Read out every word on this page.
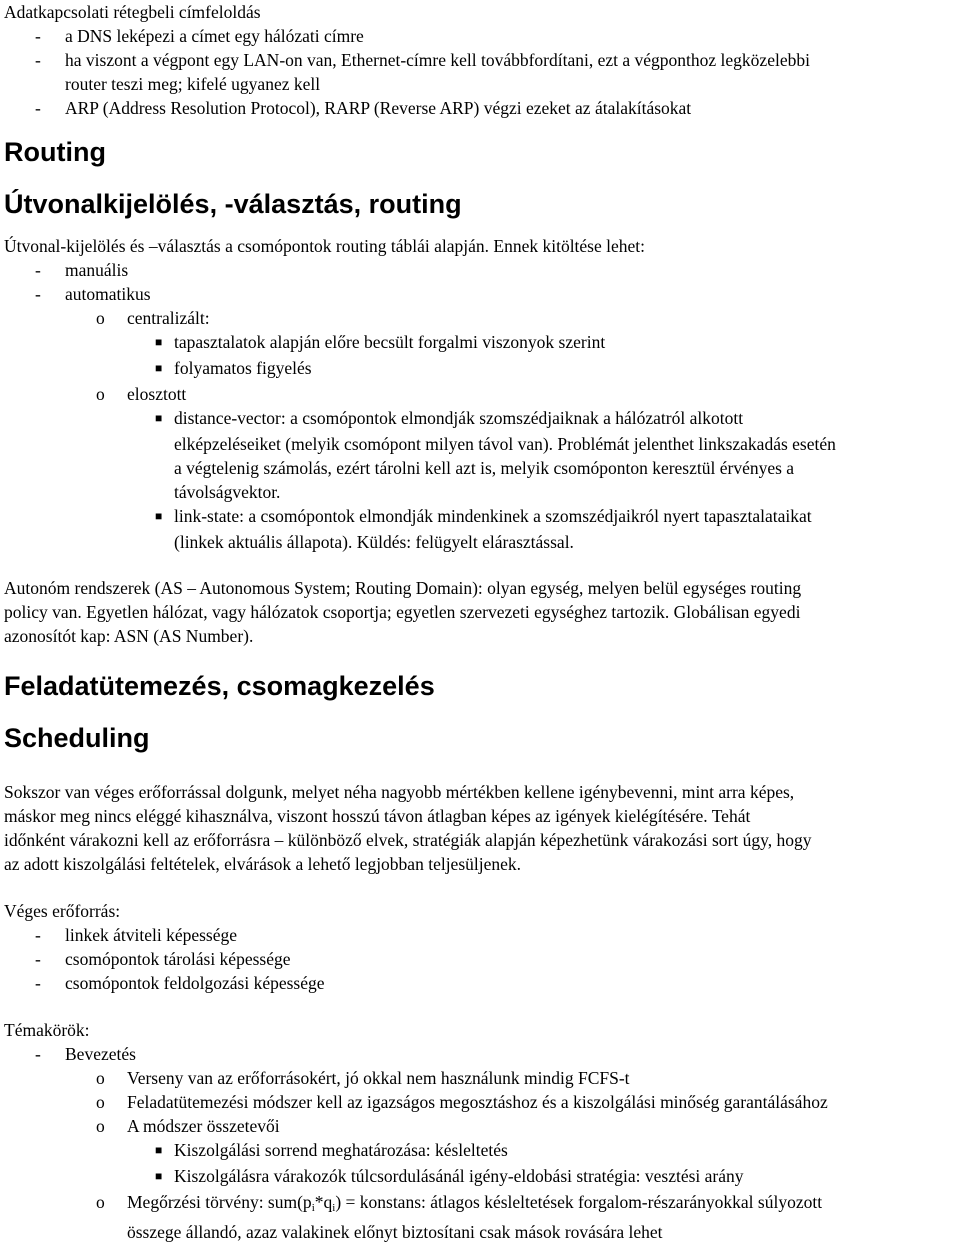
Adatkapcsolati rétegbeli címfeloldás
- a DNS leképezi a címet egy hálózati címre
- ha viszont a végpont egy LAN-on van, Ethernet-címre kell továbbfordítani, ezt a végponthoz legközelebbi
router teszi meg; kifelé ugyanez kell
- ARP (Address Resolution Protocol), RARP (Reverse ARP) végzi ezeket az átalakításokat
Routing
Útvonalkijelölés, -választás, routing
Útvonal-kijelölés és –választás a csomópontok routing táblái alapján. Ennek kitöltése lehet:
- manuális
- automatikus
o centralizált:
■ tapasztalatok alapján előre becsült forgalmi viszonyok szerint
■ folyamatos figyelés
o elosztott
■ distance-vector: a csomópontok elmondják szomszédjaiknak a hálózatról alkotott
elképzeléseiket (melyik csomópont milyen távol van). Problémát jelenthet linkszakadás esetén
a végtelenig számolás, ezért tárolni kell azt is, melyik csomóponton keresztül érvényes a
távolságvektor.
■ link-state: a csomópontok elmondják mindenkinek a szomszédjaikról nyert tapasztalataikat
(linkek aktuális állapota). Küldés: felügyelt elárasztással.
Autonóm rendszerek (AS – Autonomous System; Routing Domain): olyan egység, melyen belül egységes routing
policy van. Egyetlen hálózat, vagy hálózatok csoportja; egyetlen szervezeti egységhez tartozik. Globálisan egyedi
azonosítót kap: ASN (AS Number).
Feladatütemezés, csomagkezelés
Scheduling
Sokszor van véges erőforrással dolgunk, melyet néha nagyobb mértékben kellene igénybevenni, mint arra képes,
máskor meg nincs eléggé kihasználva, viszont hosszú távon átlagban képes az igények kielégítésére. Tehát
időnként várakozni kell az erőforrásra – különböző elvek, stratégiák alapján képezhetünk várakozási sort úgy, hogy
az adott kiszolgálási feltételek, elvárások a lehető legjobban teljesüljenek.
Véges erőforrás:
- linkek átviteli képessége
- csomópontok tárolási képessége
- csomópontok feldolgozási képessége
Témakörök:
- Bevezetés
o Verseny van az erőforrásokért, jó okkal nem használunk mindig FCFS-t
o Feladatütemezési módszer kell az igazságos megosztáshoz és a kiszolgálási minőség garantálásához
o A módszer összetevői
■ Kiszolgálási sorrend meghatározása: késleltetés
■ Kiszolgálásra várakozók túlcsordulásánál igény-eldobási stratégia: vesztési arány
o Megőrzési törvény: $sum(p_i*q_i)$ = konstans: átlagos késleltetések forgalom-részarányokkal súlyozott
összege állandó, azaz valakinek előnyt biztosítani csak mások rovására lehet
